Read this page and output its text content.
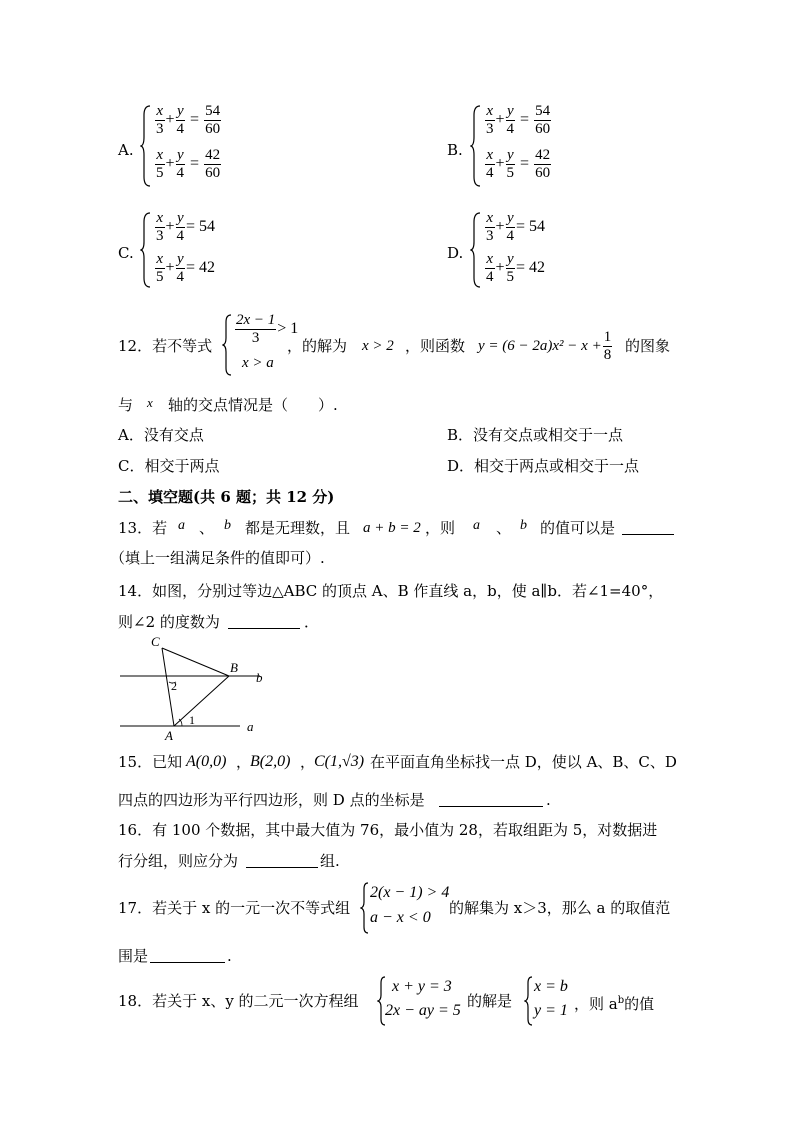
A.
$\frac{x}{3} + \frac{y}{4} = \frac{54}{60}$
$\frac{x}{5} + \frac{y}{4} = \frac{42}{60}$	B.
$\frac{x}{3} + \frac{y}{4} = \frac{54}{60}$
$\frac{x}{4} + \frac{y}{5} = \frac{42}{60}$
C.
$\frac{x}{3} + \frac{y}{4} = 54$
$\frac{x}{5} + \frac{y}{4} = 42$
D.
$\frac{x}{3} + \frac{y}{4} = 54$
$\frac{x}{4} + \frac{y}{5} = 42$
12．若不等式 $\frac{2x - 1}{3} > 1$
x > a
，的解为 x > 2 ，则函数 $y = (6 - 2a)x^2 - x + \frac{1}{8}$ 的图象
与 x 轴的交点情况是（　　）.
A．没有交点	B．没有交点或相交于一点
C．相交于两点	D．相交于两点或相交于一点
二、填空题(共 6 题；共 12 分)
13．若 a 、 b 都是无理数，且 a + b = 2 ，则 a 、 b 的值可以是
（填上一组满足条件的值即可）.
14．如图，分别过等边△ABC 的顶点 A、B 作直线 a，b，使 a∥b．若∠1=40°，
则∠2 的度数为	．
C
B
A
b
a
2
1
15．已知 A(0,0) ，
B(2,0) ，
C(1,√3) 在平面直角坐标找一点 D，使以 A、B、C、D
四点的四边形为平行四边形，则 D 点的坐标是	.
16．有 100 个数据，其中最大值为 76，最小值为 28，若取组距为 5，对数据进
行分组，则应分为	组.
17．若关于 x 的一元一次不等式组
2(x − 1) > 4
a − x < 0
的解集为 x＞3，那么 a 的取值范
围是	.
18．若关于 x、y 的二元一次方程组
x + y = 3
2x − ay = 5
的解是
x = b
y = 1 ，则 $a^b$的值
